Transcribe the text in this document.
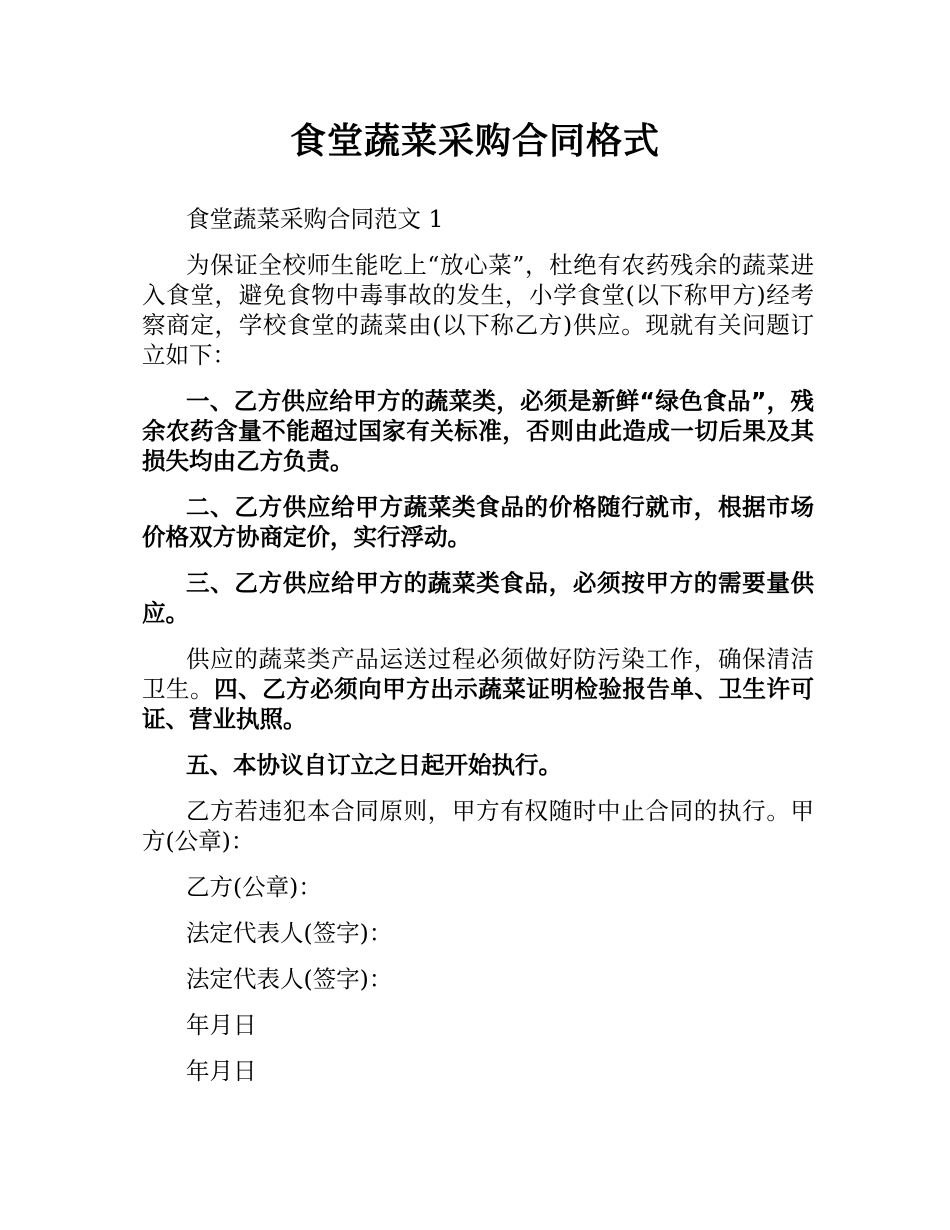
食堂蔬菜采购合同格式

食堂蔬菜采购合同范文 1

为保证全校师生能吃上“放心菜”，杜绝有农药残余的蔬菜进入食堂，避免食物中毒事故的发生，小学食堂(以下称甲方)经考察商定，学校食堂的蔬菜由(以下称乙方)供应。现就有关问题订立如下：

一、乙方供应给甲方的蔬菜类，必须是新鲜“绿色食品”，残余农药含量不能超过国家有关标准，否则由此造成一切后果及其损失均由乙方负责。

二、乙方供应给甲方蔬菜类食品的价格随行就市，根据市场价格双方协商定价，实行浮动。

三、乙方供应给甲方的蔬菜类食品，必须按甲方的需要量供应。

供应的蔬菜类产品运送过程必须做好防污染工作，确保清洁卫生。四、乙方必须向甲方出示蔬菜证明检验报告单、卫生许可证、营业执照。

五、本协议自订立之日起开始执行。

乙方若违犯本合同原则，甲方有权随时中止合同的执行。甲方(公章)：

乙方(公章)：

法定代表人(签字)：

法定代表人(签字)：

年月日

年月日
